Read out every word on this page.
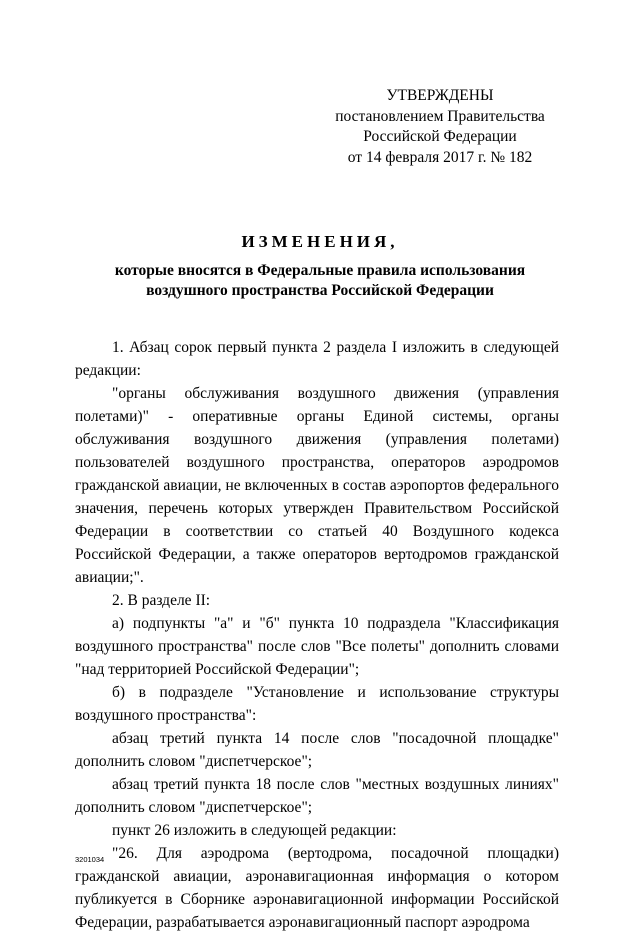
УТВЕРЖДЕНЫ
постановлением Правительства
Российской Федерации
от 14 февраля 2017 г. № 182
ИЗМЕНЕНИЯ,
которые вносятся в Федеральные правила использования
воздушного пространства Российской Федерации

1. Абзац сорок первый пункта 2 раздела I изложить в следующей редакции:

"органы обслуживания воздушного движения (управления полетами)" - оперативные органы Единой системы, органы обслуживания воздушного движения (управления полетами) пользователей воздушного пространства, операторов аэродромов гражданской авиации, не включенных в состав аэропортов федерального значения, перечень которых утвержден Правительством Российской Федерации в соответствии со статьей 40 Воздушного кодекса Российской Федерации, а также операторов вертодромов гражданской авиации;".

2. В разделе II:

а) подпункты "а" и "б" пункта 10 подраздела "Классификация воздушного пространства" после слов "Все полеты" дополнить словами "над территорией Российской Федерации";

б) в подразделе "Установление и использование структуры воздушного пространства":

абзац третий пункта 14 после слов "посадочной площадке" дополнить словом "диспетчерское";

абзац третий пункта 18 после слов "местных воздушных линиях" дополнить словом "диспетчерское";

пункт 26 изложить в следующей редакции:

"26. Для аэродрома (вертодрома, посадочной площадки) гражданской авиации, аэронавигационная информация о котором публикуется в Сборнике аэронавигационной информации Российской Федерации, разрабатывается аэронавигационный паспорт аэродрома

3201034
